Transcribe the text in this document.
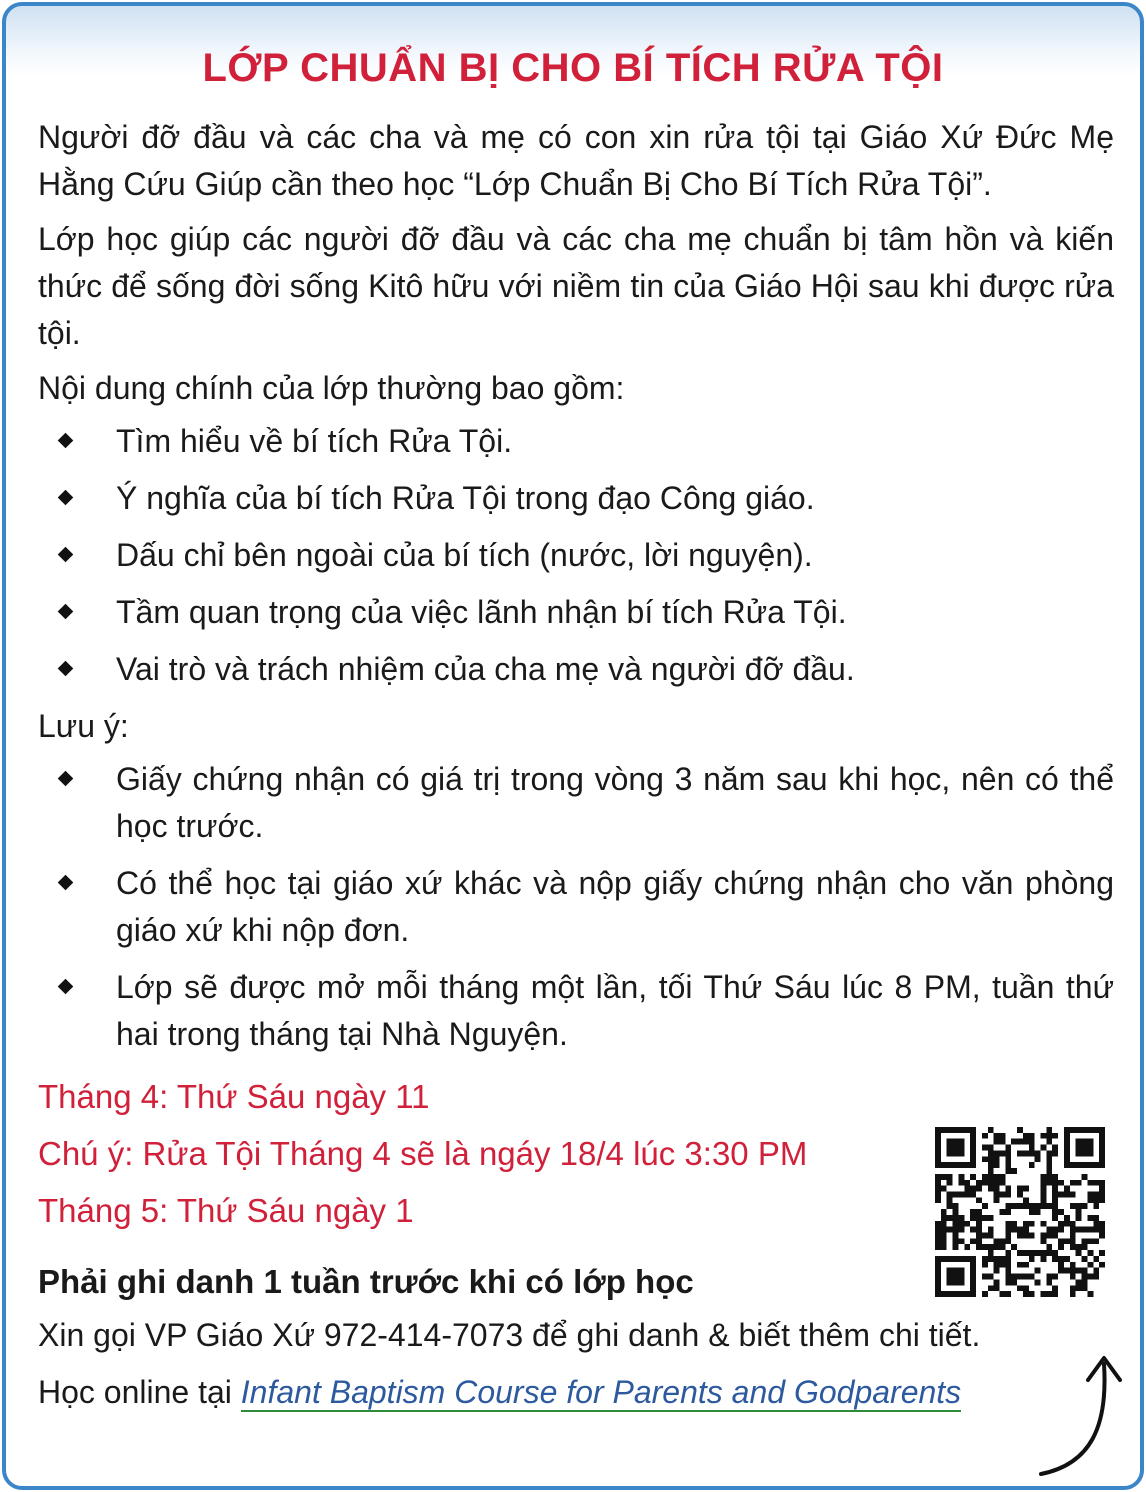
LỚP CHUẨN BỊ CHO BÍ TÍCH RỬA TỘI

Người đỡ đầu và các cha và mẹ có con xin rửa tội tại Giáo Xứ Đức Mẹ Hằng Cứu Giúp cần theo học “Lớp Chuẩn Bị Cho Bí Tích Rửa Tội”.

Lớp học giúp các người đỡ đầu và các cha mẹ chuẩn bị tâm hồn và kiến thức để sống đời sống Kitô hữu với niềm tin của Giáo Hội sau khi được rửa tội.

Nội dung chính của lớp thường bao gồm:

Tìm hiểu về bí tích Rửa Tội.
Ý nghĩa của bí tích Rửa Tội trong đạo Công giáo.
Dấu chỉ bên ngoài của bí tích (nước, lời nguyện).
Tầm quan trọng của việc lãnh nhận bí tích Rửa Tội.
Vai trò và trách nhiệm của cha mẹ và người đỡ đầu.

Lưu ý:

Giấy chứng nhận có giá trị trong vòng 3 năm sau khi học, nên có thể học trước.
Có thể học tại giáo xứ khác và nộp giấy chứng nhận cho văn phòng giáo xứ khi nộp đơn.
Lớp sẽ được mở mỗi tháng một lần, tối Thứ Sáu lúc 8 PM, tuần thứ hai trong tháng tại Nhà Nguyện.
Tháng 4: Thứ Sáu ngày 11
Chú ý: Rửa Tội Tháng 4 sẽ là ngáy 18/4 lúc 3:30 PM
Tháng 5: Thứ Sáu ngày 1
Phải ghi danh 1 tuần trước khi có lớp học
Xin gọi VP Giáo Xứ 972-414-7073 để ghi danh & biết thêm chi tiết.
Học online tại Infant Baptism Course for Parents and Godparents
